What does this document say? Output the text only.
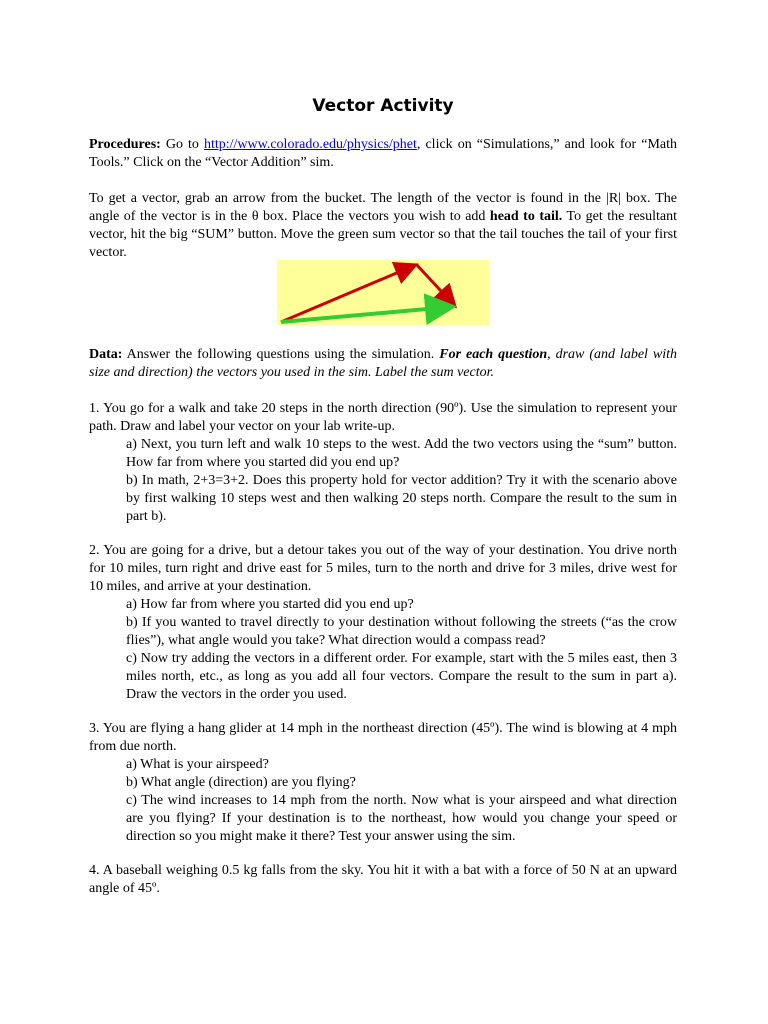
Vector Activity

Procedures: Go to http://www.colorado.edu/physics/phet, click on “Simulations,” and look for “Math Tools.” Click on the “Vector Addition” sim.

To get a vector, grab an arrow from the bucket. The length of the vector is found in the |R| box. The angle of the vector is in the θ box. Place the vectors you wish to add head to tail. To get the resultant vector, hit the big “SUM” button. Move the green sum vector so that the tail touches the tail of your first vector.

Data: Answer the following questions using the simulation. For each question, draw (and label with size and direction) the vectors you used in the sim. Label the sum vector.

1. You go for a walk and take 20 steps in the north direction (90º). Use the simulation to represent your path. Draw and label your vector on your lab write-up.

a) Next, you turn left and walk 10 steps to the west. Add the two vectors using the “sum” button. How far from where you started did you end up?

b) In math, 2+3=3+2. Does this property hold for vector addition? Try it with the scenario above by first walking 10 steps west and then walking 20 steps north. Compare the result to the sum in part b).

2. You are going for a drive, but a detour takes you out of the way of your destination. You drive north for 10 miles, turn right and drive east for 5 miles, turn to the north and drive for 3 miles, drive west for 10 miles, and arrive at your destination.

a) How far from where you started did you end up?

b) If you wanted to travel directly to your destination without following the streets (“as the crow flies”), what angle would you take? What direction would a compass read?

c) Now try adding the vectors in a different order. For example, start with the 5 miles east, then 3 miles north, etc., as long as you add all four vectors. Compare the result to the sum in part a). Draw the vectors in the order you used.

3. You are flying a hang glider at 14 mph in the northeast direction (45º). The wind is blowing at 4 mph from due north.

a) What is your airspeed?

b) What angle (direction) are you flying?

c) The wind increases to 14 mph from the north. Now what is your airspeed and what direction are you flying? If your destination is to the northeast, how would you change your speed or direction so you might make it there? Test your answer using the sim.

4. A baseball weighing 0.5 kg falls from the sky. You hit it with a bat with a force of 50 N at an upward angle of 45º.
